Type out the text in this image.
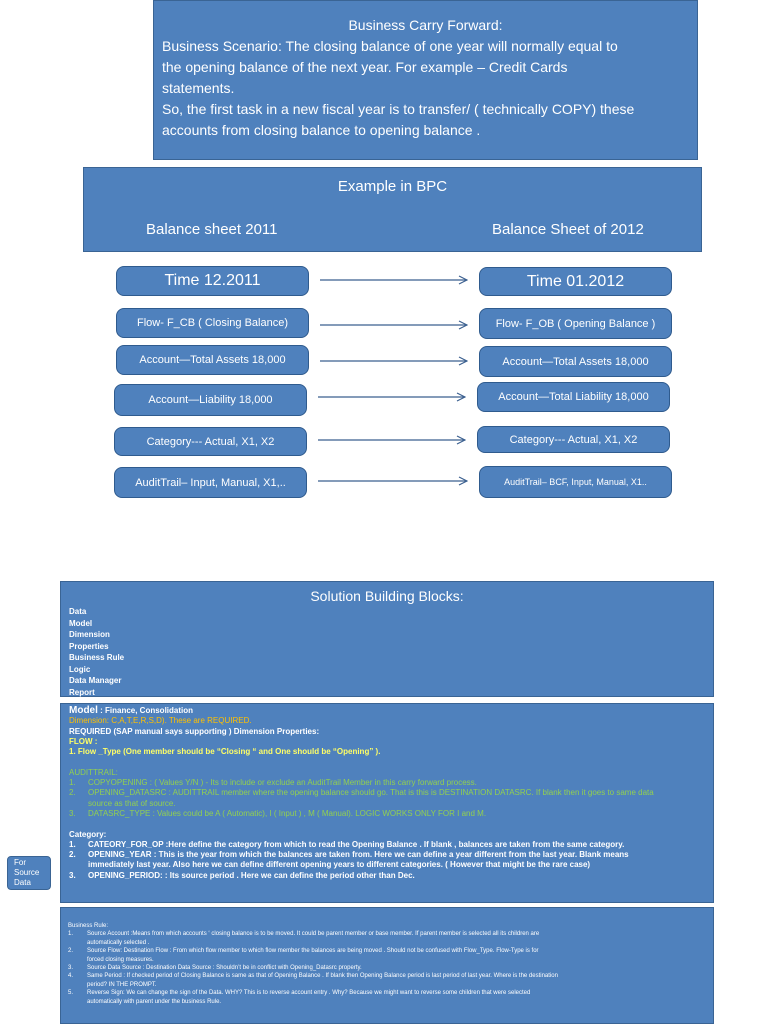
Business Carry Forward:
Business Scenario: The closing balance of one year will normally equal to
the opening balance of the next year. For example – Credit Cards
statements.
So, the first task in a new fiscal year is to transfer/ ( technically COPY) these
accounts from closing balance to opening balance .
Example in BPC
Balance sheet 2011	Balance Sheet of 2012
Time 12.2011
Flow- F_CB ( Closing Balance)
Account—Total Assets 18,000
Account—Liability 18,000
Category--- Actual, X1, X2
AuditTrail– Input, Manual, X1,..
Time 01.2012
Flow- F_OB ( Opening Balance )
Account—Total Assets 18,000
Account—Total Liability 18,000
Category--- Actual, X1, X2
AuditTrail– BCF, Input, Manual, X1..
Solution Building Blocks:
Data
Model
Dimension
Properties
Business Rule
Logic
Data Manager
Report
Model : Finance, Consolidation
Dimension: C,A,T,E,R,S,D). These are REQUIRED.
REQUIRED (SAP manual says supporting ) Dimension Properties:
FLOW :
1. Flow _Type (One member should be “Closing “ and One should be “Opening” ).

AUDITTRAIL:
1. COPYOPENING : ( Values Y/N ) - Its to include or exclude an AuditTrail Member in this carry forward process.
2. OPENING_DATASRC : AUDITTRAIL member where the opening balance should go. That is this is DESTINATION DATASRC. If blank then it goes to same data
source as that of source.
3. DATASRC_TYPE : Values could be A ( Automatic), I ( Input ) , M ( Manual). LOGIC WORKS ONLY FOR I and M.

Category:
1. CATEORY_FOR_OP :Here define the category from which to read the Opening Balance . If blank , balances are taken from the same category.
2. OPENING_YEAR : This is the year from which the balances are taken from. Here we can define a year different from the last year. Blank means
immediately last year. Also here we can define different opening years to different categories. ( However that might be the rare case)
3. OPENING_PERIOD: : Its source period . Here we can define the period other than Dec.
For
Source
Data
Business Rule:
1. Source Account :Means from which accounts ‘ closing balance is to be moved. It could be parent member or base member. If parent member is selected all its children are
automatically selected .
2. Source Flow: Destination Flow : From which flow member to which flow member the balances are being moved . Should not be confused with Flow_Type. Flow-Type is for
forced closing measures.
3. Source Data Source : Destination Data Source : Shouldn’t be in conflict with Opening_Datasrc property.
4. Same Period : If checked period of Closing Balance is same as that of Opening Balance . If blank then Opening Balance period is last period of last year. Where is the destination
period? IN THE PROMPT.
5. Reverse Sign: We can change the sign of the Data. WHY? This is to reverse account entry . Why? Because we might want to reverse some children that were selected
automatically with parent under the business Rule.
